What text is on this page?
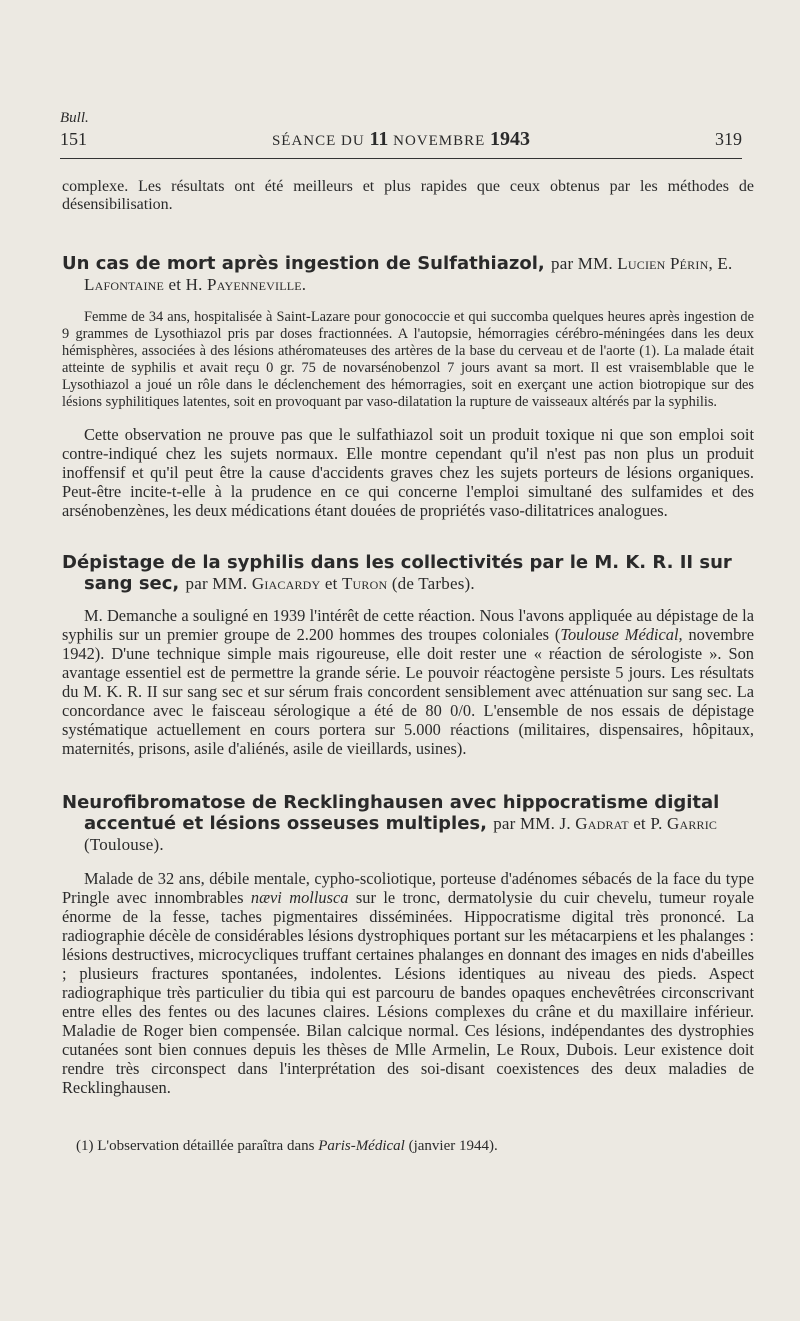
Bull.
151	SÉANCE DU 11 NOVEMBRE 1943	319

complexe. Les résultats ont été meilleurs et plus rapides que ceux obtenus par les méthodes de désensibilisation.

Un cas de mort après ingestion de Sulfathiazol, par MM. Lucien Périn, E. Lafontaine et H. Payenneville.

Femme de 34 ans, hospitalisée à Saint-Lazare pour gonococcie et qui succomba quelques heures après ingestion de 9 grammes de Lysothiazol pris par doses fractionnées. A l'autopsie, hémorragies cérébro-méningées dans les deux hémisphères, associées à des lésions athéromateuses des artères de la base du cerveau et de l'aorte (1). La malade était atteinte de syphilis et avait reçu 0 gr. 75 de novarsénobenzol 7 jours avant sa mort. Il est vraisemblable que le Lysothiazol a joué un rôle dans le déclenchement des hémorragies, soit en exerçant une action biotropique sur des lésions syphilitiques latentes, soit en provoquant par vaso-dilatation la rupture de vaisseaux altérés par la syphilis.

Cette observation ne prouve pas que le sulfathiazol soit un produit toxique ni que son emploi soit contre-indiqué chez les sujets normaux. Elle montre cependant qu'il n'est pas non plus un produit inoffensif et qu'il peut être la cause d'accidents graves chez les sujets porteurs de lésions organiques. Peut-être incite-t-elle à la prudence en ce qui concerne l'emploi simultané des sulfamides et des arsénobenzènes, les deux médications étant douées de propriétés vaso-dilitatrices analogues.

Dépistage de la syphilis dans les collectivités par le M. K. R. II sur sang sec, par MM. Giacardy et Turon (de Tarbes).

M. Demanche a souligné en 1939 l'intérêt de cette réaction. Nous l'avons appliquée au dépistage de la syphilis sur un premier groupe de 2.200 hommes des troupes coloniales (Toulouse Médical, novembre 1942). D'une technique simple mais rigoureuse, elle doit rester une « réaction de sérologiste ». Son avantage essentiel est de permettre la grande série. Le pouvoir réactogène persiste 5 jours. Les résultats du M. K. R. II sur sang sec et sur sérum frais concordent sensiblement avec atténuation sur sang sec. La concordance avec le faisceau sérologique a été de 80 0/0. L'ensemble de nos essais de dépistage systématique actuellement en cours portera sur 5.000 réactions (militaires, dispensaires, hôpitaux, maternités, prisons, asile d'aliénés, asile de vieillards, usines).

Neurofibromatose de Recklinghausen avec hippocratisme digital accentué et lésions osseuses multiples, par MM. J. Gadrat et P. Garric (Toulouse).

Malade de 32 ans, débile mentale, cypho-scoliotique, porteuse d'adénomes sébacés de la face du type Pringle avec innombrables nævi mollusca sur le tronc, dermatolysie du cuir chevelu, tumeur royale énorme de la fesse, taches pigmentaires disséminées. Hippocratisme digital très prononcé. La radiographie décèle de considérables lésions dystrophiques portant sur les métacarpiens et les phalanges : lésions destructives, microcycliques truffant certaines phalanges en donnant des images en nids d'abeilles ; plusieurs fractures spontanées, indolentes. Lésions identiques au niveau des pieds. Aspect radiographique très particulier du tibia qui est parcouru de bandes opaques enchevêtrées circonscrivant entre elles des fentes ou des lacunes claires. Lésions complexes du crâne et du maxillaire inférieur. Maladie de Roger bien compensée. Bilan calcique normal. Ces lésions, indépendantes des dystrophies cutanées sont bien connues depuis les thèses de Mlle Armelin, Le Roux, Dubois. Leur existence doit rendre très circonspect dans l'interprétation des soi-disant coexistences des deux maladies de Recklinghausen.

(1) L'observation détaillée paraîtra dans Paris-Médical (janvier 1944).
